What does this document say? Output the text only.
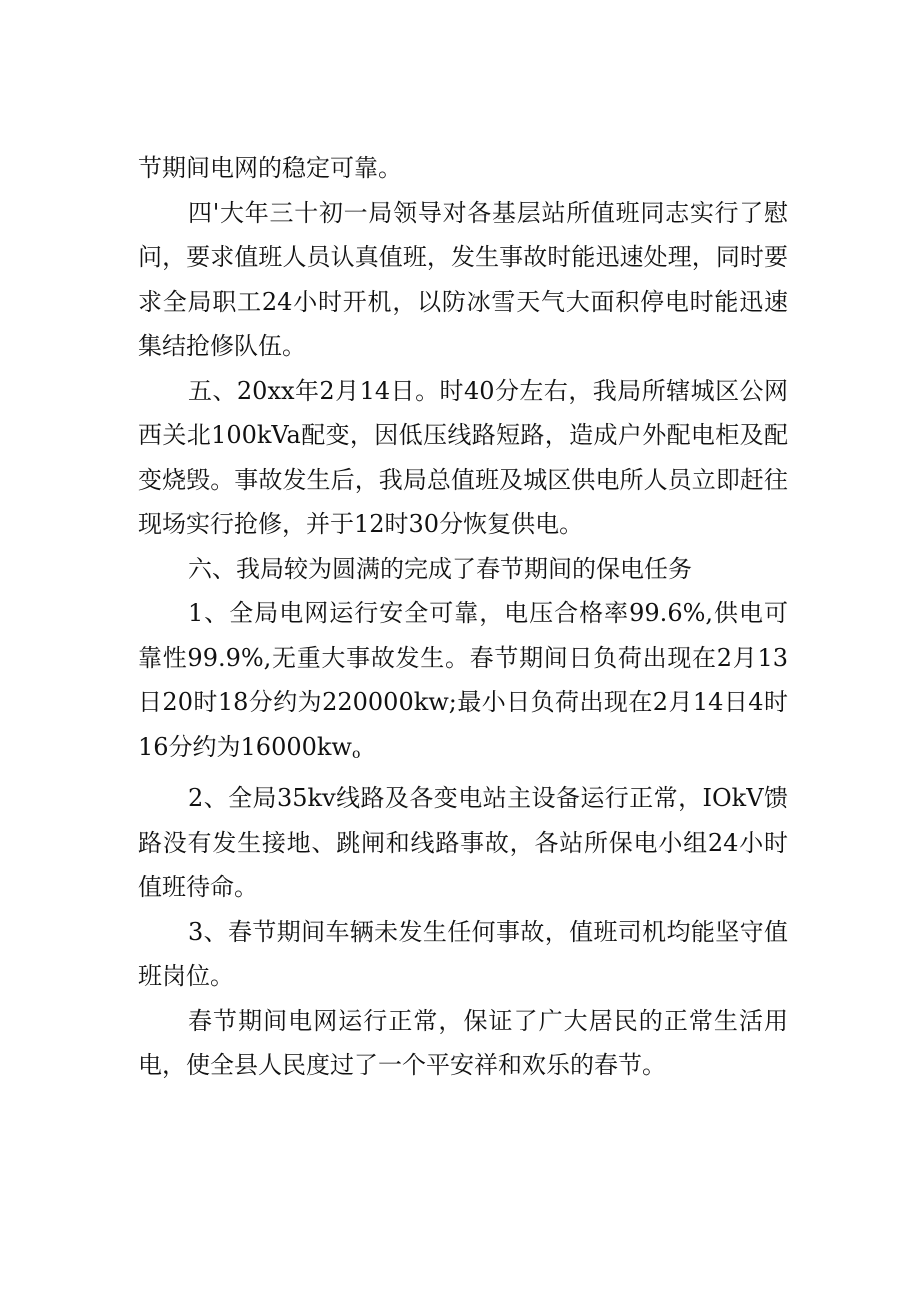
节期间电网的稳定可靠。

四'大年三十初一局领导对各基层站所值班同志实行了慰问，要求值班人员认真值班，发生事故时能迅速处理，同时要求全局职工24小时开机，以防冰雪天气大面积停电时能迅速集结抢修队伍。

五、20xx年2月14日。时40分左右，我局所辖城区公网西关北100kVa配变，因低压线路短路，造成户外配电柜及配变烧毁。事故发生后，我局总值班及城区供电所人员立即赶往现场实行抢修，并于12时30分恢复供电。

六、我局较为圆满的完成了春节期间的保电任务

1、全局电网运行安全可靠，电压合格率99.6%,供电可靠性99.9%,无重大事故发生。春节期间日负荷出现在2月13日20时18分约为220000kw;最小日负荷出现在2月14日4时16分约为$16000kw_o$

2、全局35kv线路及各变电站主设备运行正常，IOkV馈路没有发生接地、跳闸和线路事故，各站所保电小组24小时值班待命。

3、春节期间车辆未发生任何事故，值班司机均能坚守值班岗位。

春节期间电网运行正常，保证了广大居民的正常生活用电，使全县人民度过了一个平安祥和欢乐的春节。
